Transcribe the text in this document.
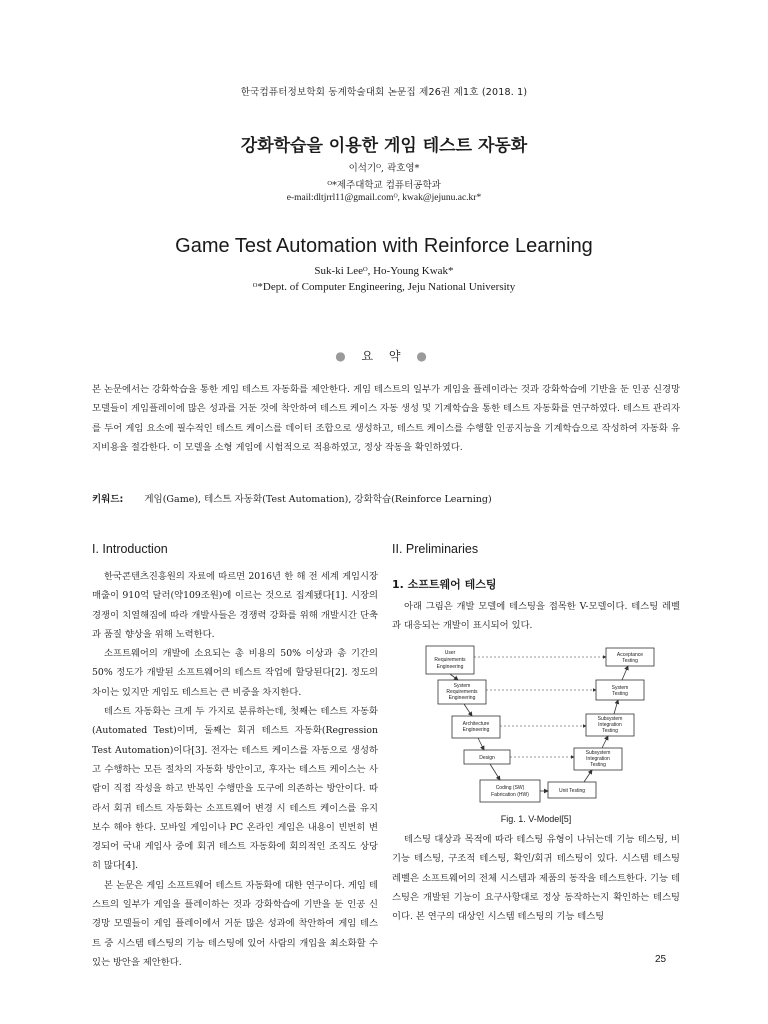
한국컴퓨터정보학회 동계학술대회 논문집 제26권 제1호 (2018. 1)
강화학습을 이용한 게임 테스트 자동화
이석기ᴼ, 곽호영*
ᴼ*제주대학교 컴퓨터공학과
e-mail:dltjrrl11@gmail.comᴼ, kwak@jejunu.ac.kr*
Game Test Automation with Reinforce Learning
Suk-ki Leeᴼ, Ho-Young Kwak*
ᴼ*Dept. of Computer Engineering, Jeju National University
● 요 약 ●

본 논문에서는 강화학습을 통한 게임 테스트 자동화를 제안한다. 게임 테스트의 일부가 게임을 플레이라는 것과 강화학습에 기반을 둔 인공 신경망 모델들이 게임플레이에 많은 성과를 거둔 것에 착안하여 테스트 케이스 자동 생성 및 기계학습을 통한 테스트 자동화를 연구하였다. 테스트 관리자를 두어 게임 요소에 필수적인 테스트 케이스를 데이터 조합으로 생성하고, 테스트 케이스를 수행할 인공지능을 기계학습으로 작성하여 자동화 유지비용을 절감한다. 이 모델을 소형 게임에 시험적으로 적용하였고, 정상 작동을 확인하였다.

키워드: 게임(Game), 테스트 자동화(Test Automation), 강화학습(Reinforce Learning)
I. Introduction

한국콘텐츠진흥원의 자료에 따르면 2016년 한 해 전 세계 게임시장 매출이 910억 달러(약109조원)에 이르는 것으로 집계됐다[1]. 시장의 경쟁이 치열해짐에 따라 개발사들은 경쟁력 강화를 위해 개발시간 단축과 품질 향상을 위해 노력한다.

소프트웨어의 개발에 소요되는 총 비용의 50% 이상과 총 기간의 50% 정도가 개발된 소프트웨어의 테스트 작업에 할당된다[2]. 정도의 차이는 있지만 게임도 테스트는 큰 비중을 차지한다.

테스트 자동화는 크게 두 가지로 분류하는데, 첫째는 테스트 자동화(Automated Test)이며, 둘째는 회귀 테스트 자동화(Regression Test Automation)이다[3]. 전자는 테스트 케이스를 자동으로 생성하고 수행하는 모든 절차의 자동화 방안이고, 후자는 테스트 케이스는 사람이 직접 작성을 하고 반복인 수행만을 도구에 의존하는 방안이다. 따라서 회귀 테스트 자동화는 소프트웨어 변경 시 테스트 케이스를 유지보수 해야 한다. 모바일 게임이나 PC 온라인 게임은 내용이 빈번히 변경되어 국내 게임사 중에 회귀 테스트 자동화에 회의적인 조직도 상당히 많다[4].

본 논문은 게임 소프트웨어 테스트 자동화에 대한 연구이다. 게임 테스트의 일부가 게임을 플레이하는 것과 강화학습에 기반을 둔 인공 신경망 모델들이 게임 플레이에서 거둔 많은 성과에 착안하여 게임 테스트 중 시스템 테스팅의 기능 테스팅에 있어 사람의 개입을 최소화할 수 있는 방안을 제안한다.

II. Preliminaries
1. 소프트웨어 테스팅

아래 그림은 개발 모델에 테스팅을 접목한 V-모델이다. 테스팅 레벨과 대응되는 개발이 표시되어 있다.

User
Requirements
Engineering
Acceptance
Testing
System
Requirements
Engineering
System
Testing
Architecture
Engineering
Subsystem
Integration
Testing
Design
Subsystem
Integration
Testing
Coding (SW)
Fabrication (HW)
Unit Testing
Fig. 1. V-Model[5]

테스팅 대상과 목적에 따라 테스팅 유형이 나뉘는데 기능 테스팅, 비기능 테스팅, 구조적 테스팅, 확인/회귀 테스팅이 있다. 시스템 테스팅 레벨은 소프트웨어의 전체 시스템과 제품의 동작을 테스트한다. 기능 테스팅은 개발된 기능이 요구사항대로 정상 동작하는지 확인하는 테스팅이다. 본 연구의 대상인 시스템 테스팅의 기능 테스팅

25
